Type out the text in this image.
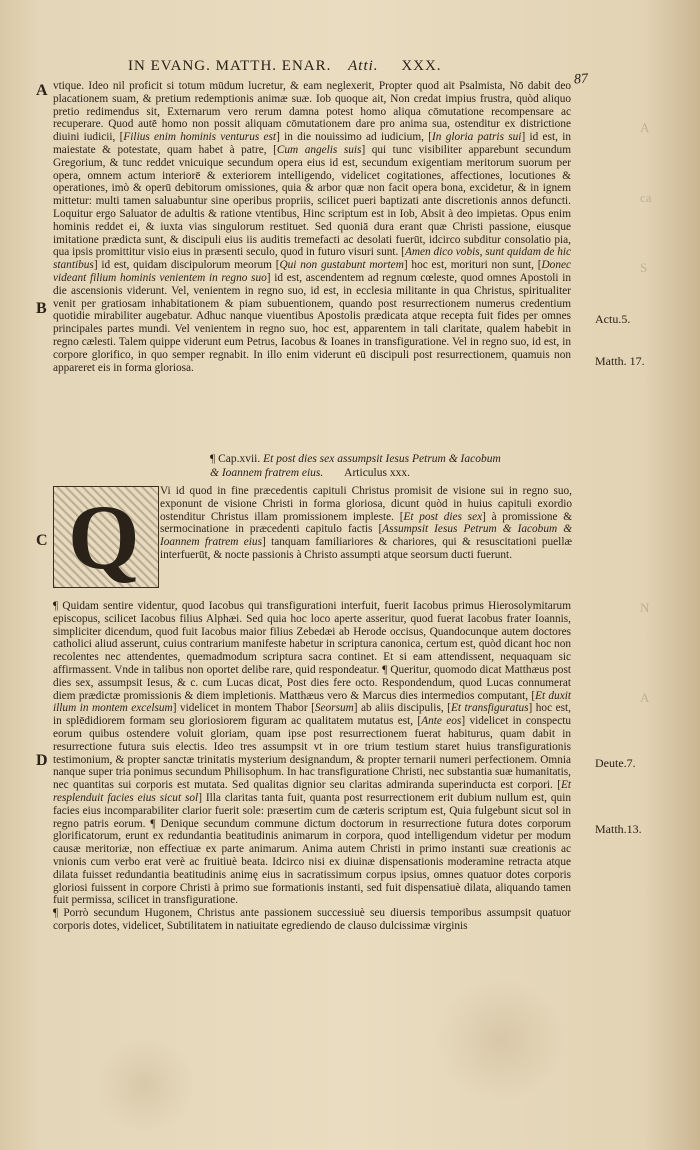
IN EVANG. MATTH. ENAR. Atti. XXX.
87
A
B
C
D
Actu.5.
Matth. 17.
Deute.7.
Matth.13.
A
ca
S
N
A

vtique. Ideo nil proficit si totum mūdum lucretur, & eam neglexerit, Propter quod ait Psalmista, Nō dabit deo placationem suam, & pretium redemptionis animæ suæ. Iob quoque ait, Non credat impius frustra, quòd aliquo pretio redimendus sit, Externarum vero rerum damna potest homo aliqua cōmutatione recompensare ac recuperare. Quod autē homo non possit aliquam cōmutationem dare pro anima sua, ostenditur ex districtione diuini iudicii, [Filius enim hominis venturus est] in die nouissimo ad iudicium, [In gloria patris sui] id est, in maiestate & potestate, quam habet à patre, [Cum angelis suis] qui tunc visibiliter apparebunt secundum Gregorium, & tunc reddet vnicuique secundum opera eius id est, secundum exigentiam meritorum suorum per opera, omnem actum interiorē & exteriorem intelligendo, videlicet cogitationes, affectiones, locutiones & operationes, imò & operū debitorum omissiones, quia & arbor quæ non facit opera bona, excidetur, & in ignem mittetur: multi tamen saluabuntur sine operibus propriis, scilicet pueri baptizati ante discretionis annos defuncti. Loquitur ergo Saluator de adultis & ratione vtentibus, Hinc scriptum est in Iob, Absit à deo impietas. Opus enim hominis reddet ei, & iuxta vias singulorum restituet. Sed quoniā dura erant quæ Christi passione, eiusque imitatione prædicta sunt, & discipuli eius iis auditis tremefacti ac desolati fuerūt, idcirco subditur consolatio pia, qua ipsis promittitur visio eius in præsenti seculo, quod in futuro visuri sunt. [Amen dico vobis, sunt quidam de hic stantibus] id est, quidam discipulorum meorum [Qui non gustabunt mortem] hoc est, morituri non sunt, [Donec videant filium hominis venientem in regno suo] id est, ascendentem ad regnum cœleste, quod omnes Apostoli in die ascensionis viderunt. Vel, venientem in regno suo, id est, in ecclesia militante in qua Christus, spiritualiter venit per gratiosam inhabitationem & piam subuentionem, quando post resurrectionem numerus credentium quotidie mirabiliter augebatur. Adhuc nanque viuentibus Apostolis prædicata atque recepta fuit fides per omnes principales partes mundi. Vel venientem in regno suo, hoc est, apparentem in tali claritate, qualem habebit in regno cælesti. Talem quippe viderunt eum Petrus, Iacobus & Ioanes in transfiguratione. Vel in regno suo, id est, in corpore glorifico, in quo semper regnabit. In illo enim viderunt eū discipuli post resurrectionem, quamuis non appareret eis in forma gloriosa.

¶ Cap.xvii. Et post dies sex assumpsit Iesus Petrum & Iacobum & Ioannem fratrem eius. Articulus xxx.
Q Vi id quod in fine præcedentis capituli Christus promisit de visione sui in regno suo, exponunt de visione Christi in forma gloriosa, dicunt quòd in huius capituli exordio ostenditur Christus illam promissionem impleste. [Et post dies sex] à promissione & sermocinatione in præcedenti capitulo factis [Assumpsit Iesus Petrum & Iacobum & Ioannem fratrem eius] tanquam familiariores & chariores, qui & resuscitationi puellæ interfuerūt, & nocte passionis à Christo assumpti atque seorsum ducti fuerunt.

¶ Quidam sentire videntur, quod Iacobus qui transfigurationi interfuit, fuerit Iacobus primus Hierosolymitarum episcopus, scilicet Iacobus filius Alphæi. Sed quia hoc loco aperte asseritur, quod fuerat Iacobus frater Ioannis, simpliciter dicendum, quod fuit Iacobus maior filius Zebedæi ab Herode occisus, Quandocunque autem doctores catholici aliud asserunt, cuius contrarium manifeste habetur in scriptura canonica, certum est, quòd dicant hoc non recolentes nec attendentes, quemadmodum scriptura sacra continet. Et si eam attendissent, nequaquam sic affirmassent. Vnde in talibus non oportet delibe rare, quid respondeatur. ¶ Queritur, quomodo dicat Matthæus post dies sex, assumpsit Iesus, & c. cum Lucas dicat, Post dies fere octo. Respondendum, quod Lucas connumerat diem prædictæ promissionis & diem impletionis. Matthæus vero & Marcus dies intermedios computant, [Et duxit illum in montem excelsum] videlicet in montem Thabor [Seorsum] ab aliis discipulis, [Et transfiguratus] hoc est, in splēdidiorem formam seu gloriosiorem figuram ac qualitatem mutatus est, [Ante eos] videlicet in conspectu eorum quibus ostendere voluit gloriam, quam ipse post resurrectionem fuerat habiturus, quam dabit in resurrectione futura suis electis. Ideo tres assumpsit vt in ore trium testium staret huius transfigurationis testimonium, & propter sanctæ trinitatis mysterium designandum, & propter ternarii numeri perfectionem. Omnia nanque super tria ponimus secundum Philisophum. In hac transfiguratione Christi, nec substantia suæ humanitatis, nec quantitas sui corporis est mutata. Sed qualitas dignior seu claritas admiranda superinducta est corpori. [Et resplenduit facies eius sicut sol] Illa claritas tanta fuit, quanta post resurrectionem erit dubium nullum est, quin facies eius incomparabiliter clarior fuerit sole: præsertim cum de cæteris scriptum est, Quia fulgebunt sicut sol in regno patris eorum. ¶ Denique secundum commune dictum doctorum in resurrectione futura dotes corporum glorificatorum, erunt ex redundantia beatitudinis animarum in corpora, quod intelligendum videtur per modum causæ meritoriæ, non effectiuæ ex parte animarum. Anima autem Christi in primo instanti suæ creationis ac vnionis cum verbo erat verè ac fruitiuè beata. Idcirco nisi ex diuinæ dispensationis moderamine retracta atque dilata fuisset redundantia beatitudinis animę eius in sacratissimum corpus ipsius, omnes quatuor dotes corporis gloriosi fuissent in corpore Christi à primo sue formationis instanti, sed fuit dispensatiuè dilata, aliquando tamen fuit permissa, scilicet in transfiguratione.

¶ Porrò secundum Hugonem, Christus ante passionem successiuè seu diuersis temporibus assumpsit quatuor corporis dotes, videlicet, Subtilitatem in natiuitate egrediendo de clauso dulcissimæ virginis
